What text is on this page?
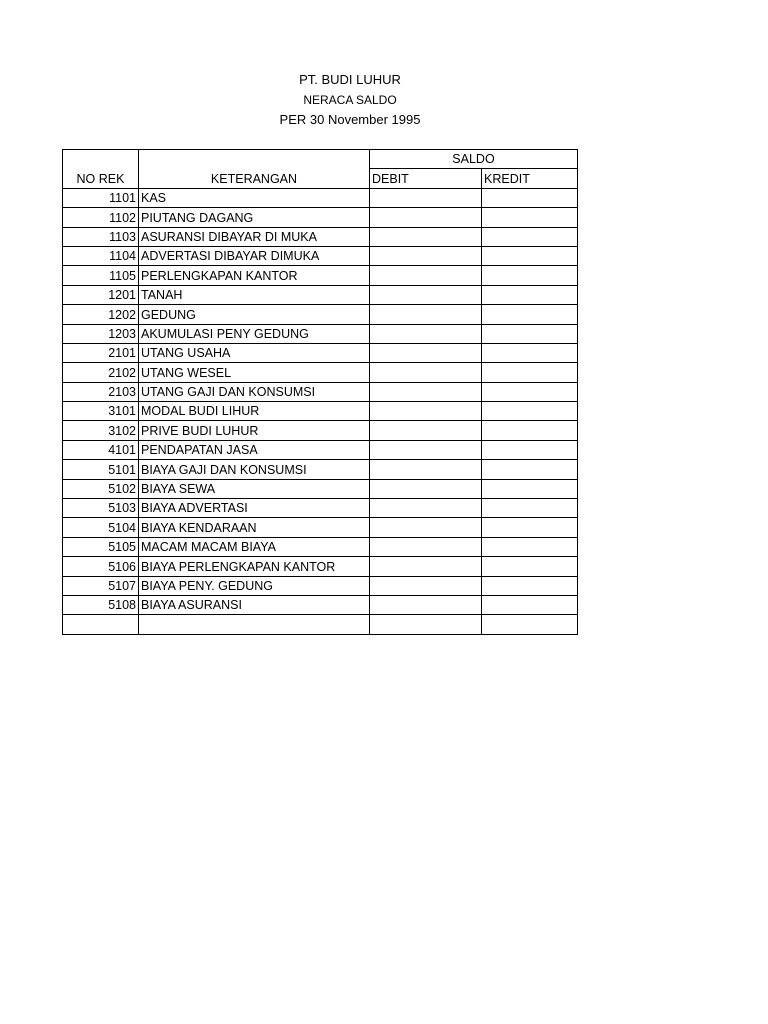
PT. BUDI LUHUR
NERACA SALDO
PER 30 November 1995
		SALDO	
NO REK	KETERANGAN	DEBIT	KREDIT
1101	KAS		
1102	PIUTANG DAGANG		
1103	ASURANSI DIBAYAR DI MUKA		
1104	ADVERTASI DIBAYAR DIMUKA		
1105	PERLENGKAPAN KANTOR		
1201	TANAH		
1202	GEDUNG		
1203	AKUMULASI PENY GEDUNG		
2101	UTANG USAHA		
2102	UTANG WESEL		
2103	UTANG GAJI DAN KONSUMSI		
3101	MODAL BUDI LIHUR		
3102	PRIVE BUDI LUHUR		
4101	PENDAPATAN JASA		
5101	BIAYA GAJI DAN KONSUMSI		
5102	BIAYA SEWA		
5103	BIAYA ADVERTASI		
5104	BIAYA KENDARAAN		
5105	MACAM MACAM BIAYA		
5106	BIAYA PERLENGKAPAN KANTOR		
5107	BIAYA PENY. GEDUNG		
5108	BIAYA ASURANSI		
